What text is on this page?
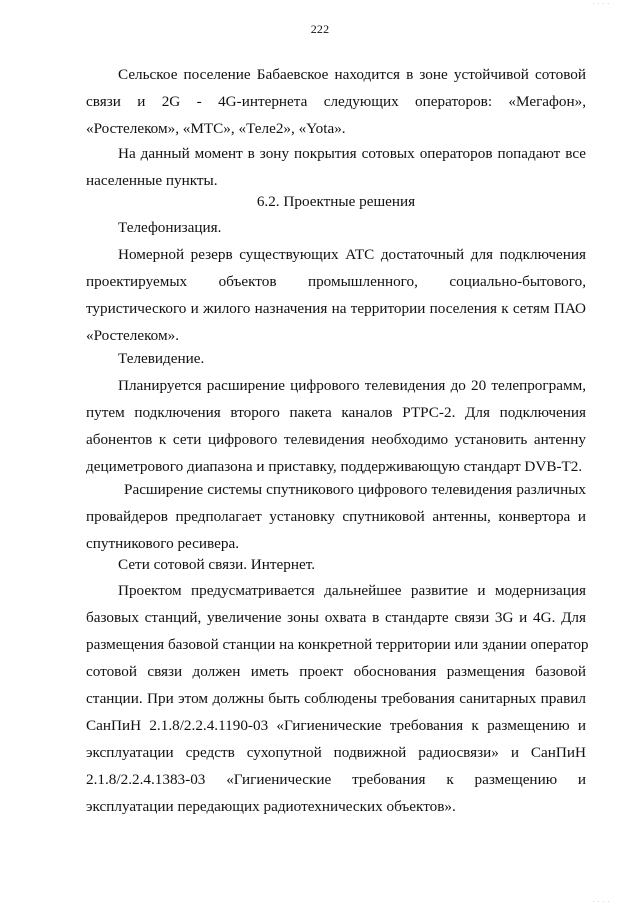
. . . .
222
Сельское поселение Бабаевское находится в зоне устойчивой сотовой
связи и 2G - 4G-интернета следующих операторов: «Мегафон»,
«Ростелеком», «МТС», «Теле2», «Yota».
На данный момент в зону покрытия сотовых операторов попадают все
населенные пункты.
6.2. Проектные решения
Телефонизация.
Номерной резерв существующих АТС достаточный для подключения
проектируемых объектов промышленного, социально-бытового,
туристического и жилого назначения на территории поселения к сетям ПАО
«Ростелеком».
Телевидение.
Планируется расширение цифрового телевидения до 20 телепрограмм,
путем подключения второго пакета каналов РТРС-2. Для подключения
абонентов к сети цифрового телевидения необходимо установить антенну
дециметрового диапазона и приставку, поддерживающую стандарт DVB-T2.
Расширение системы спутникового цифрового телевидения различных
провайдеров предполагает установку спутниковой антенны, конвертора и
спутникового ресивера.
Сети сотовой связи. Интернет.
Проектом предусматривается дальнейшее развитие и модернизация
базовых станций, увеличение зоны охвата в стандарте связи 3G и 4G. Для
размещения базовой станции на конкретной территории или здании оператор
сотовой связи должен иметь проект обоснования размещения базовой
станции. При этом должны быть соблюдены требования санитарных правил
СанПиН 2.1.8/2.2.4.1190-03 «Гигиенические требования к размещению и
эксплуатации средств сухопутной подвижной радиосвязи» и СанПиН
2.1.8/2.2.4.1383-03 «Гигиенические требования к размещению и
эксплуатации передающих радиотехнических объектов».
. . . .
